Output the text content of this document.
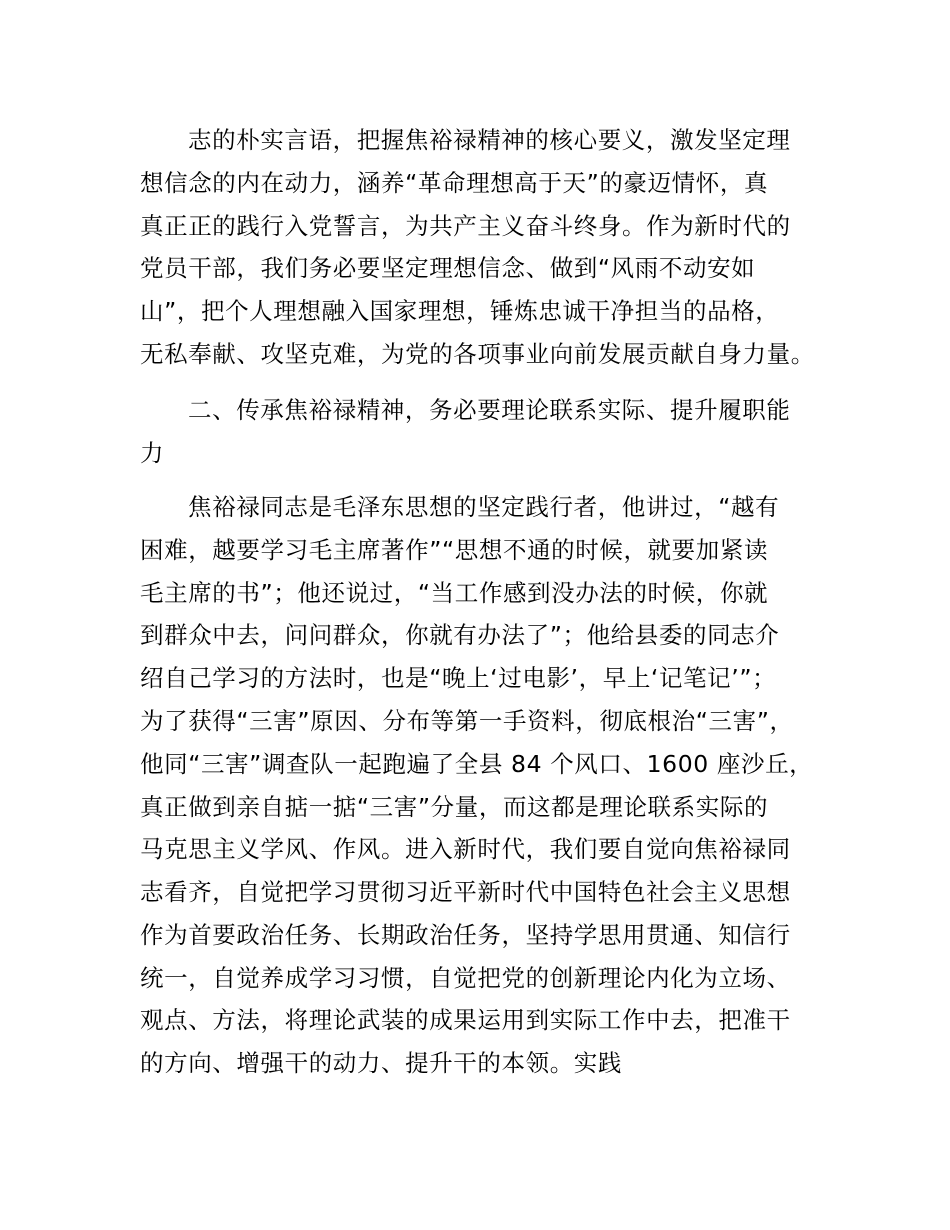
志的朴实言语，把握焦裕禄精神的核心要义，激发坚定理
想信念的内在动力，涵养“革命理想高于天”的豪迈情怀，真
真正正的践行入党誓言，为共产主义奋斗终身。作为新时代的
党员干部，我们务必要坚定理想信念、做到“风雨不动安如
山”，把个人理想融入国家理想，锤炼忠诚干净担当的品格，
无私奉献、攻坚克难，为党的各项事业向前发展贡献自身力量。
二、传承焦裕禄精神，务必要理论联系实际、提升履职能
力
焦裕禄同志是毛泽东思想的坚定践行者，他讲过，“越有
困难，越要学习毛主席著作”“思想不通的时候，就要加紧读
毛主席的书”；他还说过，“当工作感到没办法的时候，你就
到群众中去，问问群众，你就有办法了”；他给县委的同志介
绍自己学习的方法时，也是“晚上‘过电影’，早上‘记笔记’”；
为了获得“三害”原因、分布等第一手资料，彻底根治“三害”，
他同“三害”调查队一起跑遍了全县 84 个风口、1600 座沙丘，
真正做到亲自掂一掂“三害”分量，而这都是理论联系实际的
马克思主义学风、作风。进入新时代，我们要自觉向焦裕禄同
志看齐，自觉把学习贯彻习近平新时代中国特色社会主义思想
作为首要政治任务、长期政治任务，坚持学思用贯通、知信行
统一，自觉养成学习习惯，自觉把党的创新理论内化为立场、
观点、方法，将理论武装的成果运用到实际工作中去，把准干
的方向、增强干的动力、提升干的本领。实践
